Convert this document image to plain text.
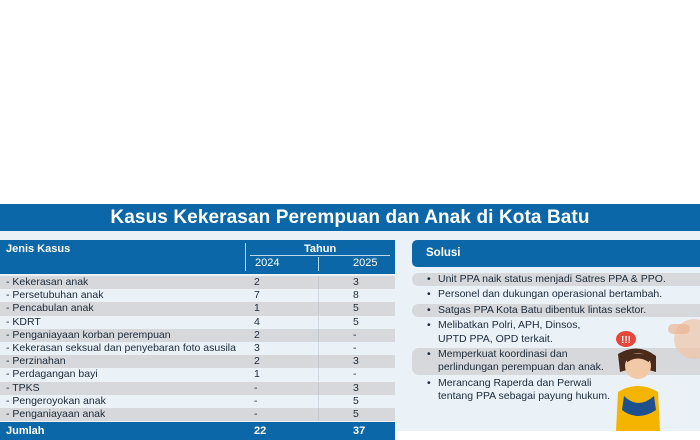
Kasus Kekerasan Perempuan dan Anak di Kota Batu
Jenis Kasus	Tahun
2024	2025
- Kekerasan anak	2	3
- Persetubuhan anak	7	8
- Pencabulan anak	1	5
- KDRT	4	5
- Penganiayaan korban perempuan	2	-
- Kekerasan seksual dan penyebaran foto asusila 3	-
- Perzinahan	2	3
- Perdagangan bayi	1	-
- TPKS	-	3
- Pengeroyokan anak	-	5
- Penganiayaan anak	-	5
Jumlah	22	37
Solusi
• Unit PPA naik status menjadi Satres PPA & PPO.
• Personel dan dukungan operasional bertambah.
• Satgas PPA Kota Batu dibentuk lintas sektor.
• Melibatkan Polri, APH, Dinsos,
UPTD PPA, OPD terkait.
• Memperkuat koordinasi dan
perlindungan perempuan dan anak.
• Merancang Raperda dan Perwali
tentang PPA sebagai payung hukum.
!!!
